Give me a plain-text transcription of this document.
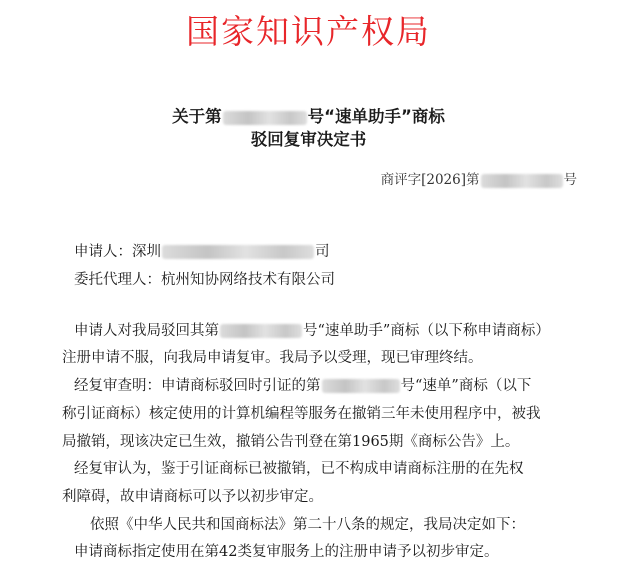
国家知识产权局
关于第	号“速单助手”商标
驳回复审决定书
商评字[2026]第	号
申请人：深圳	司
委托代理人：杭州知协网络技术有限公司
申请人对我局驳回其第	号“速单助手”商标（以下称申请商标）
注册申请不服，向我局申请复审。我局予以受理，现已审理终结。
经复审查明：申请商标驳回时引证的第	号“速单”商标（以下
称引证商标）核定使用的计算机编程等服务在撤销三年未使用程序中，被我
局撤销，现该决定已生效，撤销公告刊登在第1965期《商标公告》上。
经复审认为，鉴于引证商标已被撤销，已不构成申请商标注册的在先权
利障碍，故申请商标可以予以初步审定。
依照《中华人民共和国商标法》第二十八条的规定，我局决定如下：
申请商标指定使用在第42类复审服务上的注册申请予以初步审定。
